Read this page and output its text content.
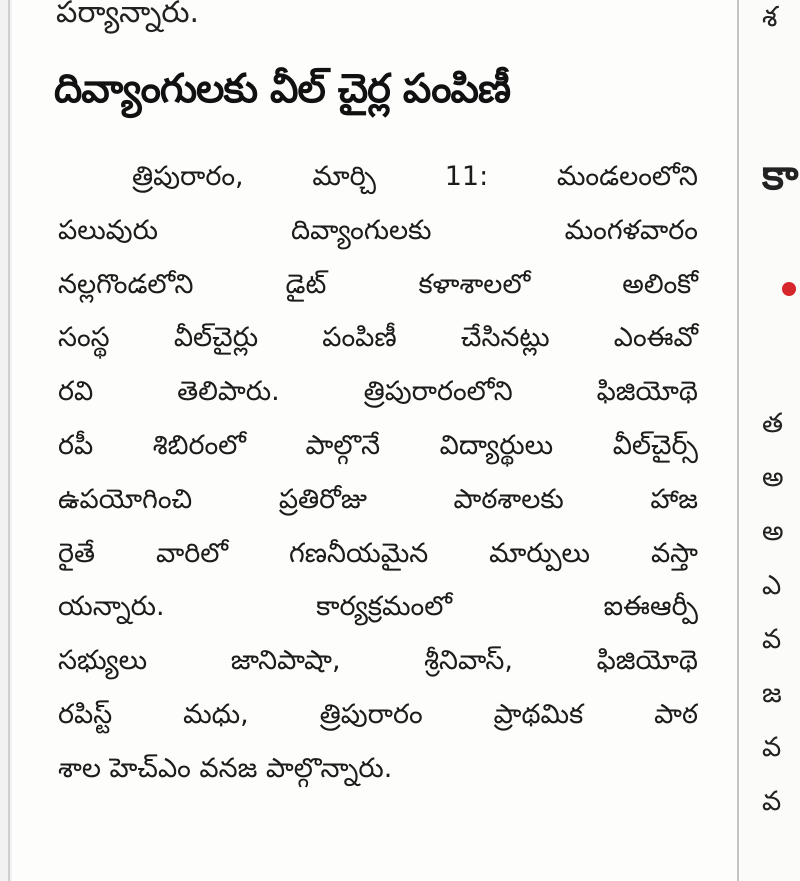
పర్యాన్నారు.
దివ్యాంగులకు వీల్ చైర్ల పంపిణీ
త్రిపురారం, మార్చి 11: మండలంలోని
పలువురు దివ్యాంగులకు మంగళవారం
నల్లగొండలోని డైట్ కళాశాలలో అలింకో
సంస్థ వీల్‌చైర్లు పంపిణీ చేసినట్లు ఎంఈవో
రవి తెలిపారు. త్రిపురారంలోని ఫిజియోథె
రపీ శిబిరంలో పాల్గొనే విద్యార్థులు వీల్‌చైర్స్
ఉపయోగించి ప్రతిరోజు పాఠశాలకు హాజ
రైతే వారిలో గణనీయమైన మార్పులు వస్తా
యన్నారు. కార్యక్రమంలో ఐఈఆర్పీ
సభ్యులు జానిపాషా, శ్రీనివాస్, ఫిజియోథె
రపిస్ట్ మధు, త్రిపురారం ప్రాథమిక పాఠ
శాల హెచ్‌ఎం వనజ పాల్గొన్నారు.
శ
కా
త
అ
అ
ఎ
వ
జ
వ
వ
